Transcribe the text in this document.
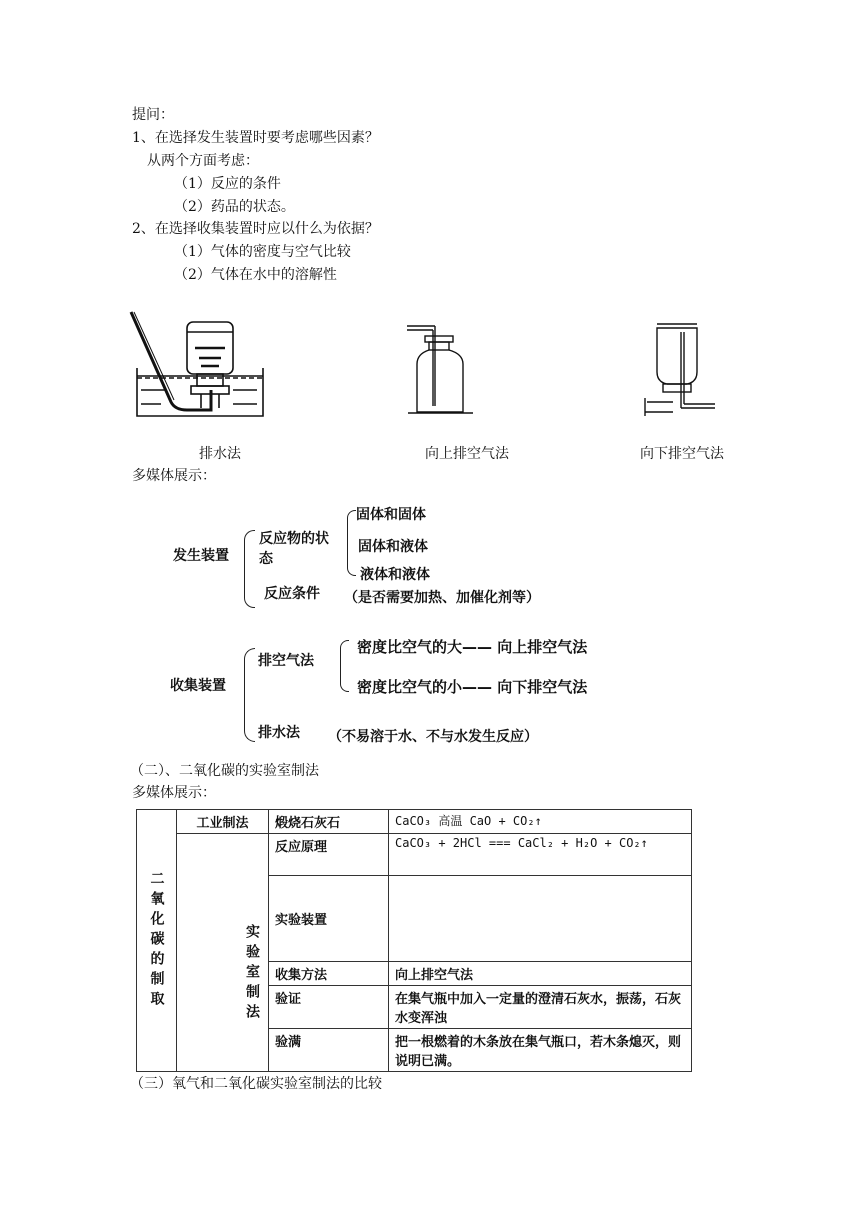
提问：
1、在选择发生装置时要考虑哪些因素？
从两个方面考虑：
（1）反应的条件
（2）药品的状态。
2、在选择收集装置时应以什么为依据？
（1）气体的密度与空气比较
（2）气体在水中的溶解性
排水法	向上排空气法	向下排空气法
多媒体展示：
发生装置
反应物的状
态
固体和固体
固体和液体
液体和液体
反应条件 （是否需要加热、加催化剂等）
收集装置
排空气法
密度比空气的大—— 向上排空气法
密度比空气的小—— 向下排空气法
排水法 （不易溶于水、不与水发生反应）
（二）、二氧化碳的实验室制法
多媒体展示：
二氧化碳的制取	工业制法	煅烧石灰石	CaCO₃ 高温 CaO + CO₂↑
	实验室制法	反应原理	CaCO₃ + 2HCl === CaCl₂ + H₂O + CO₂↑
		实验装置	
		收集方法	向上排空气法
		验证	在集气瓶中加入一定量的澄清石灰水，振荡，石灰水变浑浊
		验满	把一根燃着的木条放在集气瓶口，若木条熄灭，则说明已满。
（三）氧气和二氧化碳实验室制法的比较
